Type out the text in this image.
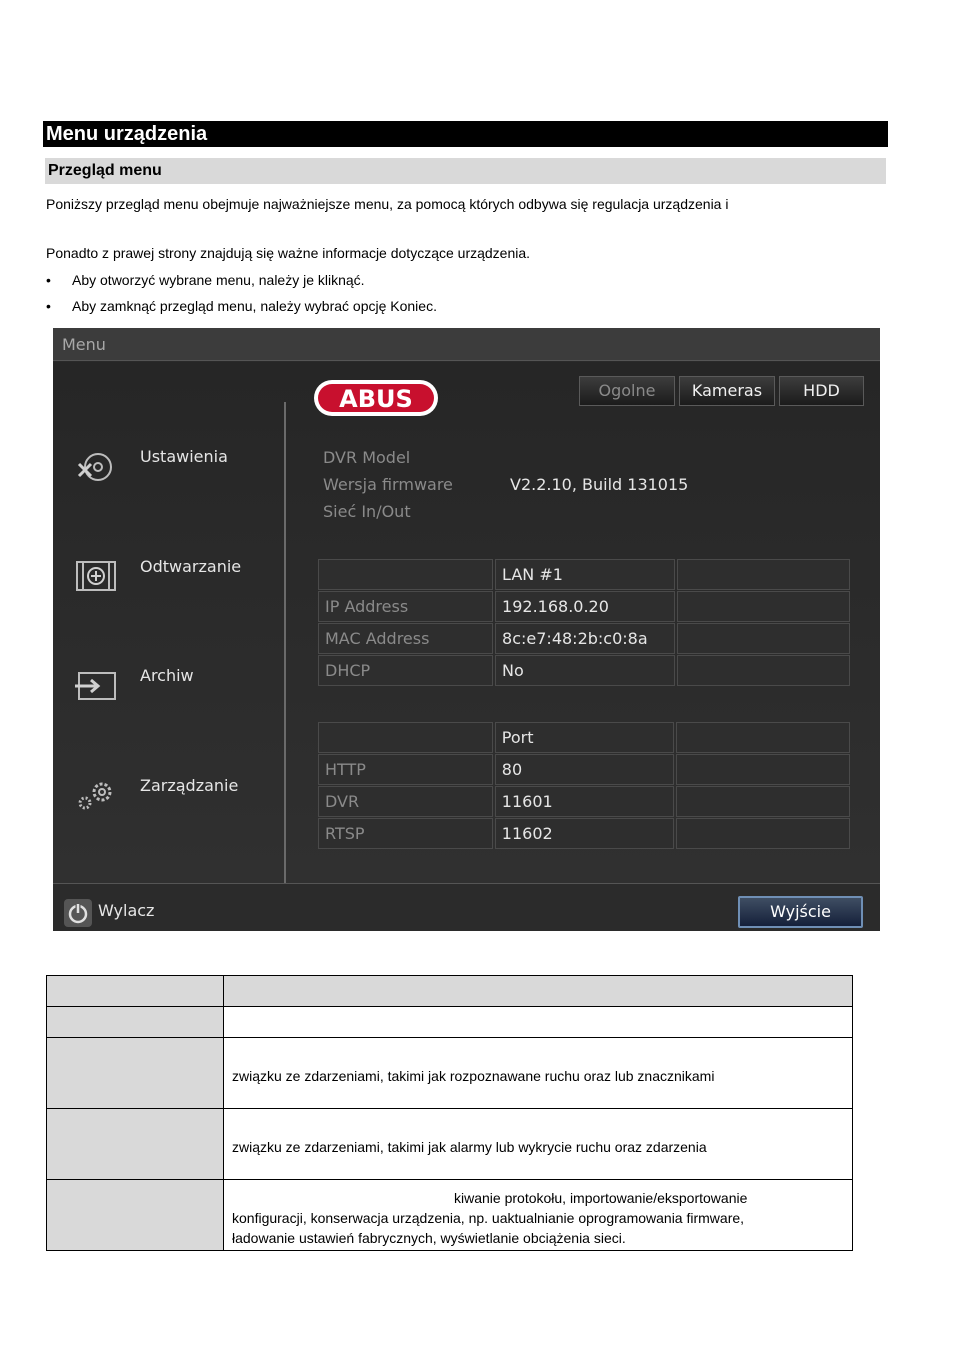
Menu urządzenia
Przegląd menu
Poniższy przegląd menu obejmuje najważniejsze menu, za pomocą których odbywa się regulacja urządzenia i
Ponadto z prawej strony znajdują się ważne informacje dotyczące urządzenia.
•	Aby otworzyć wybrane menu, należy je kliknąć.
•	Aby zamknąć przegląd menu, należy wybrać opcję Koniec.
Menu
Ustawienia
Odtwarzanie
Archiw
Zarządzanie
ABUS	Ogolne	Kameras	HDD
DVR Model
Wersja firmware	V2.2.10, Build 131015
Sieć In/Out
	LAN #1	
IP Address	192.168.0.20	
MAC Address	8c:e7:48:2b:c0:8a	
DHCP	No	
	Port	
HTTP	80	
DVR	11601	
RTSP	11602	
Wylacz	Wyjście

	związku ze zdarzeniami, takimi jak rozpoznawane ruchu oraz lub znacznikami

	związku ze zdarzeniami, takimi jak alarmy lub wykrycie ruchu oraz zdarzenia

	kiwanie protokołu, importowanie/eksportowanie
konfiguracji, konserwacja urządzenia, np. uaktualnianie oprogramowania firmware,
ładowanie ustawień fabrycznych, wyświetlanie obciążenia sieci.
